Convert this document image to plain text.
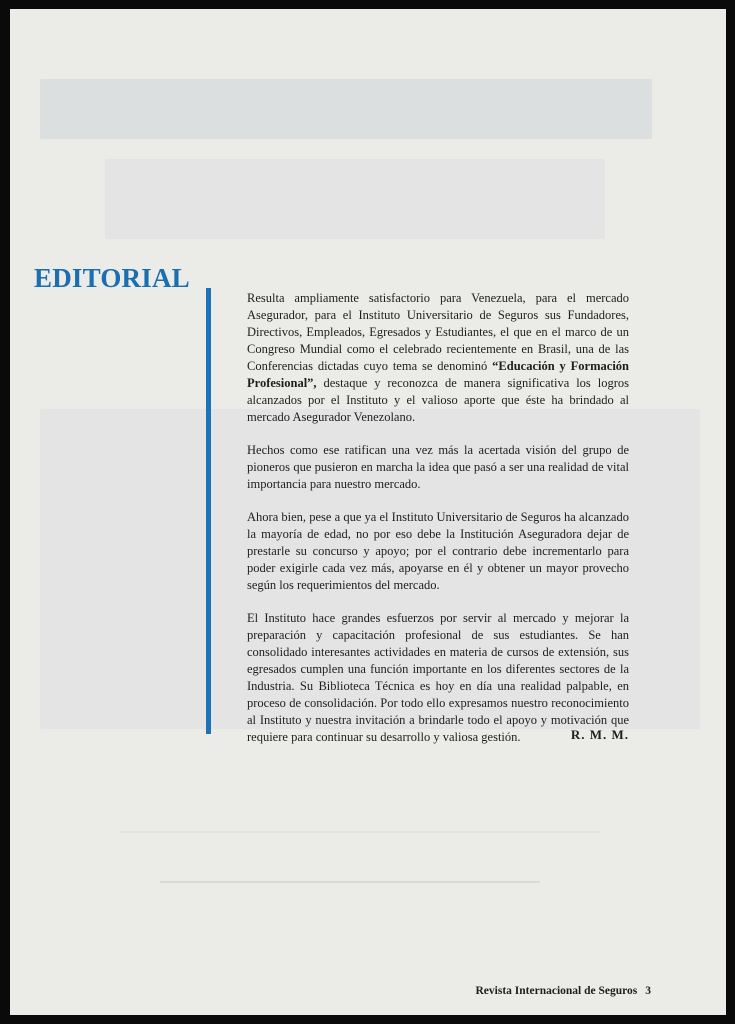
EDITORIAL

Resulta ampliamente satisfactorio para Venezuela, para el mercado Asegurador, para el Instituto Universitario de Seguros sus Fundadores, Directivos, Empleados, Egresados y Estudiantes, el que en el marco de un Congreso Mundial como el celebrado recientemente en Brasil, una de las Conferencias dictadas cuyo tema se denominó “Educación y Formación Profesional”, destaque y reconozca de manera significativa los logros alcanzados por el Instituto y el valioso aporte que éste ha brindado al mercado Asegurador Venezolano.

Hechos como ese ratifican una vez más la acertada visión del grupo de pioneros que pusieron en marcha la idea que pasó a ser una realidad de vital importancia para nuestro mercado.

Ahora bien, pese a que ya el Instituto Universitario de Seguros ha alcanzado la mayoría de edad, no por eso debe la Institución Aseguradora dejar de prestarle su concurso y apoyo; por el contrario debe incrementarlo para poder exigirle cada vez más, apoyarse en él y obtener un mayor provecho según los requerimientos del mercado.

El Instituto hace grandes esfuerzos por servir al mercado y mejorar la preparación y capacitación profesional de sus estudiantes. Se han consolidado interesantes actividades en materia de cursos de extensión, sus egresados cumplen una función importante en los diferentes sectores de la Industria. Su Biblioteca Técnica es hoy en día una realidad palpable, en proceso de consolidación. Por todo ello expresamos nuestro reconocimiento al Instituto y nuestra invitación a brindarle todo el apoyo y motivación que requiere para continuar su desarrollo y valiosa gestión.	R. M. M.
Revista Internacional de Seguros 3
